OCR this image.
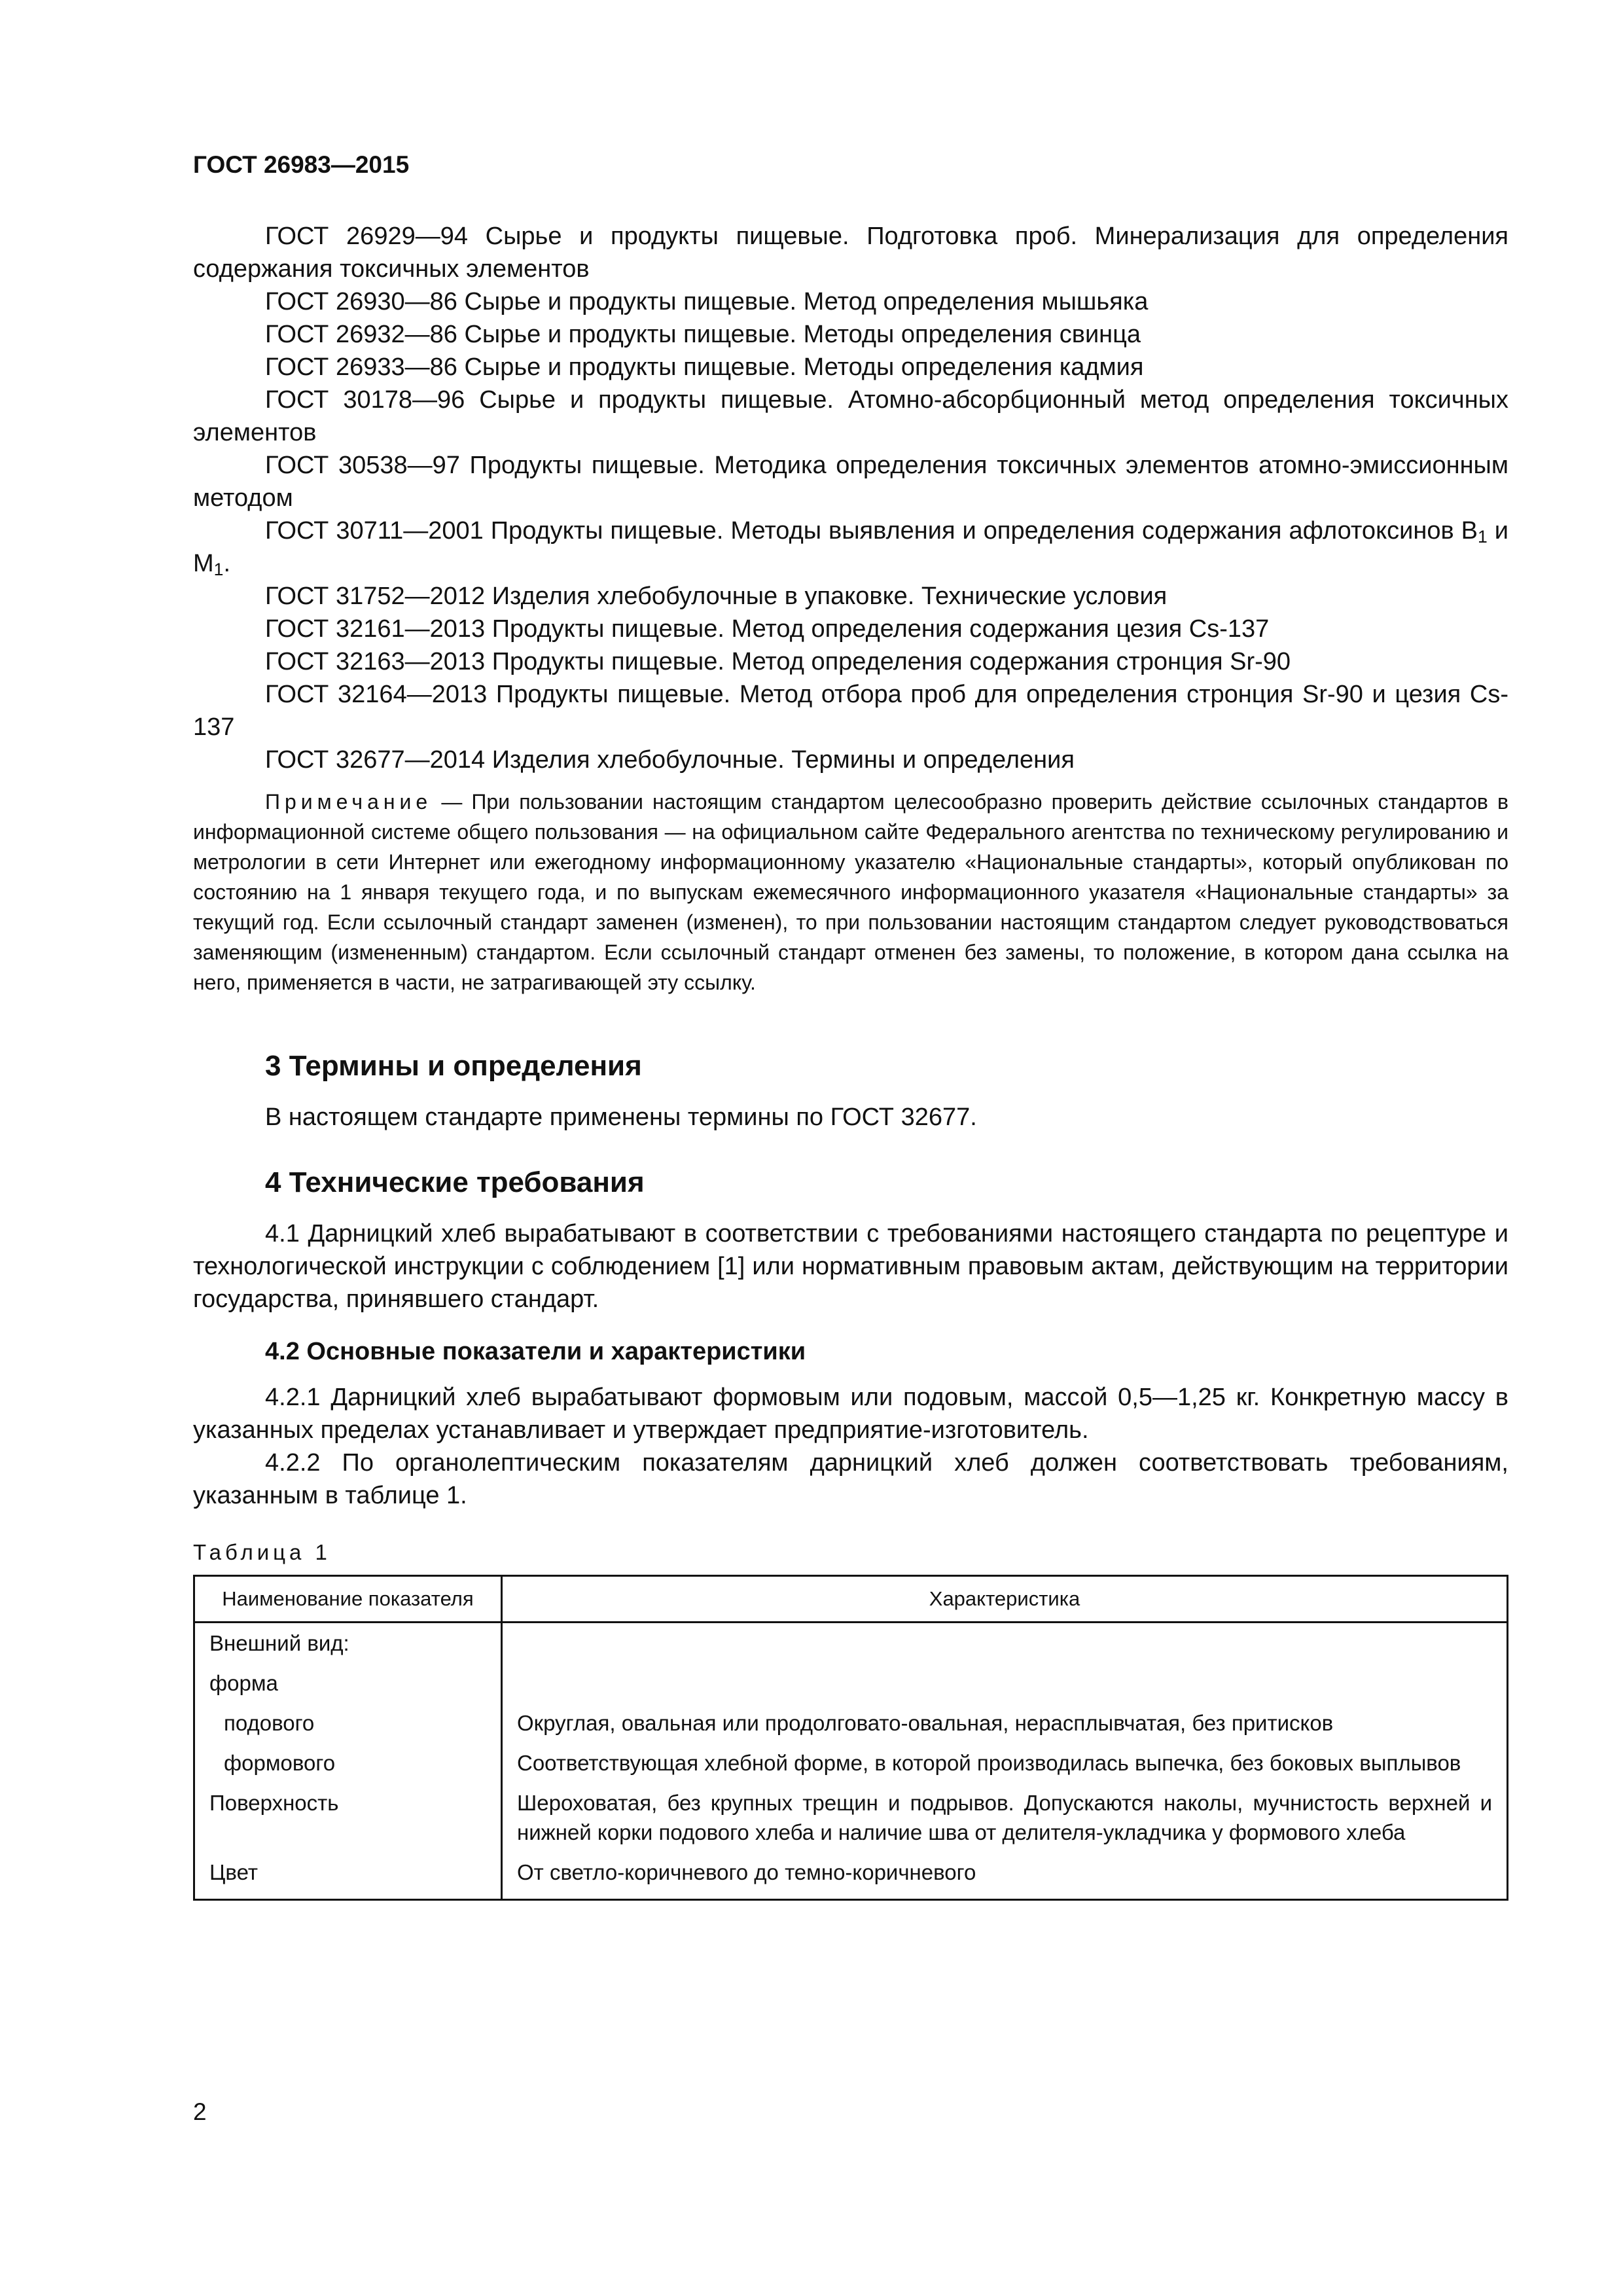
ГОСТ 26983—2015

ГОСТ 26929—94 Сырье и продукты пищевые. Подготовка проб. Минерализация для определения содержания токсичных элементов

ГОСТ 26930—86 Сырье и продукты пищевые. Метод определения мышьяка

ГОСТ 26932—86 Сырье и продукты пищевые. Методы определения свинца

ГОСТ 26933—86 Сырье и продукты пищевые. Методы определения кадмия

ГОСТ 30178—96 Сырье и продукты пищевые. Атомно-абсорбционный метод определения токсичных элементов

ГОСТ 30538—97 Продукты пищевые. Методика определения токсичных элементов атомно-эмиссионным методом

ГОСТ 30711—2001 Продукты пищевые. Методы выявления и определения содержания афлотоксинов $В_1$ и $М_1$.

ГОСТ 31752—2012 Изделия хлебобулочные в упаковке. Технические условия

ГОСТ 32161—2013 Продукты пищевые. Метод определения содержания цезия Cs-137

ГОСТ 32163—2013 Продукты пищевые. Метод определения содержания стронция Sr-90

ГОСТ 32164—2013 Продукты пищевые. Метод отбора проб для определения стронция Sr-90 и цезия Cs-137

ГОСТ 32677—2014 Изделия хлебобулочные. Термины и определения

Примечание — При пользовании настоящим стандартом целесообразно проверить действие ссылочных стандартов в информационной системе общего пользования — на официальном сайте Федерального агентства по техническому регулированию и метрологии в сети Интернет или ежегодному информационному указателю «Национальные стандарты», который опубликован по состоянию на 1 января текущего года, и по выпускам ежемесячного информационного указателя «Национальные стандарты» за текущий год. Если ссылочный стандарт заменен (изменен), то при пользовании настоящим стандартом следует руководствоваться заменяющим (измененным) стандартом. Если ссылочный стандарт отменен без замены, то положение, в котором дана ссылка на него, применяется в части, не затрагивающей эту ссылку.

3 Термины и определения

В настоящем стандарте применены термины по ГОСТ 32677.

4 Технические требования

4.1 Дарницкий хлеб вырабатывают в соответствии с требованиями настоящего стандарта по рецептуре и технологической инструкции с соблюдением [1] или нормативным правовым актам, действующим на территории государства, принявшего стандарт.

4.2 Основные показатели и характеристики

4.2.1 Дарницкий хлеб вырабатывают формовым или подовым, массой 0,5—1,25 кг. Конкретную массу в указанных пределах устанавливает и утверждает предприятие-изготовитель.

4.2.2 По органолептическим показателям дарницкий хлеб должен соответствовать требованиям, указанным в таблице 1.

Таблица 1
Наименование показателя	Характеристика
Внешний вид:	
форма	
подового	Округлая, овальная или продолговато-овальная, нерасплывчатая, без притисков
формового	Соответствующая хлебной форме, в которой производилась выпечка, без боковых выплывов
Поверхность	Шероховатая, без крупных трещин и подрывов. Допускаются наколы, мучнистость верхней и нижней корки подового хлеба и наличие шва от делителя-укладчика у формового хлеба
Цвет	От светло-коричневого до темно-коричневого
2
